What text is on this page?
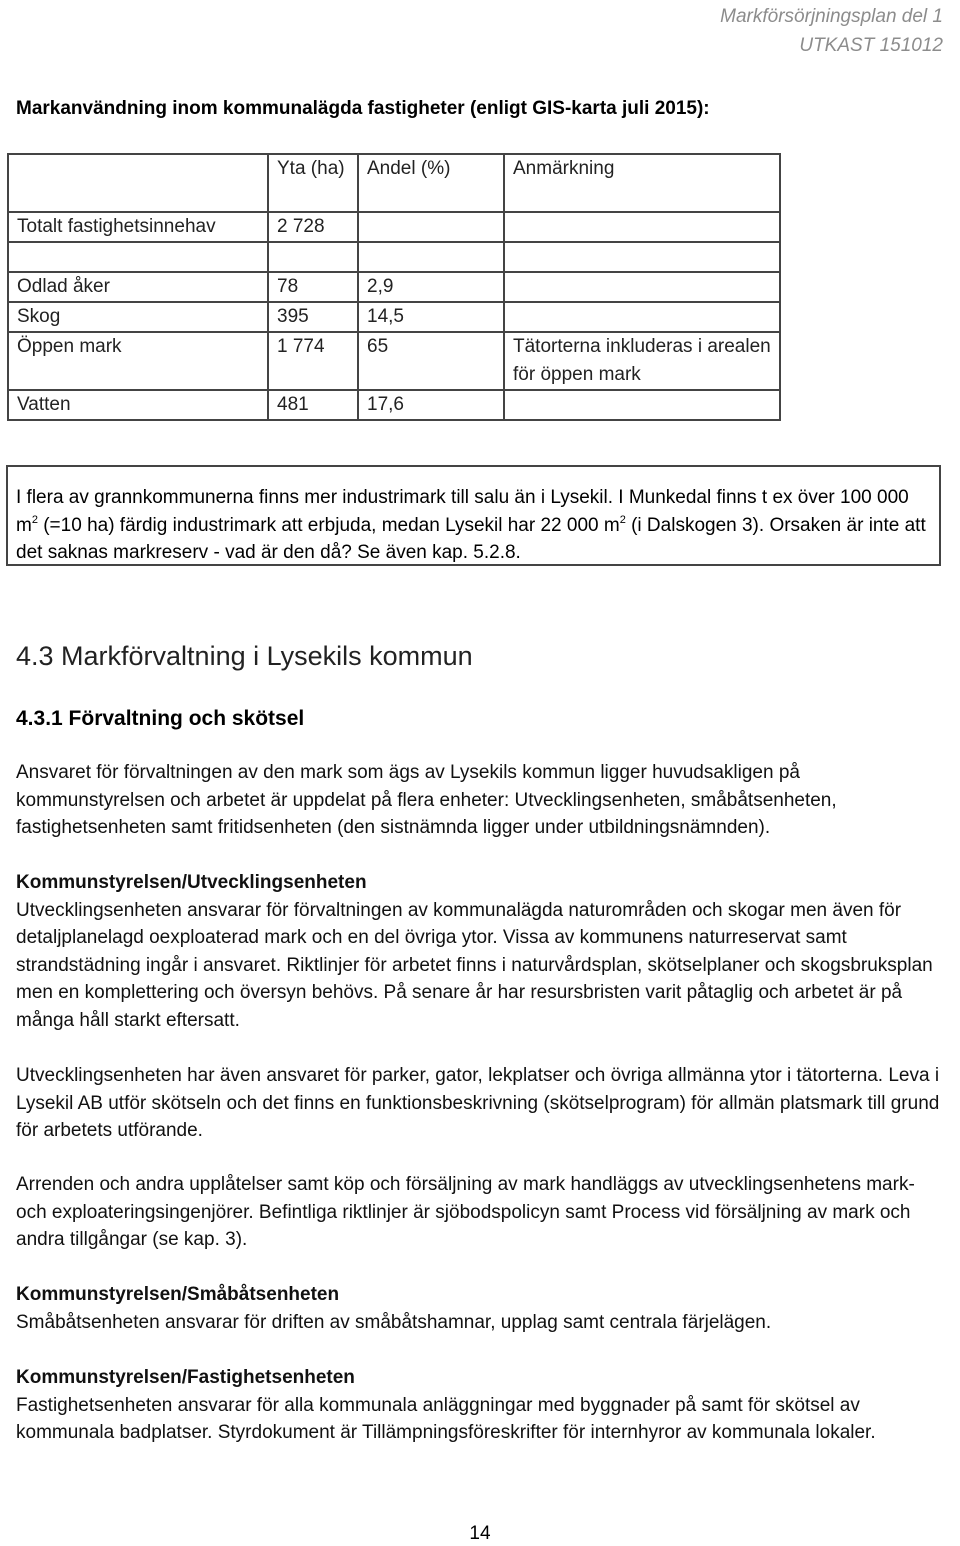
Markförsörjningsplan del 1
UTKAST 151012
Markanvändning inom kommunalägda fastigheter (enligt GIS-karta juli 2015):
	Yta (ha)	Andel (%)	Anmärkning
Totalt fastighetsinnehav	2 728		

Odlad åker	78	2,9	
Skog	395	14,5	
Öppen mark	1 774	65	Tätorterna inkluderas i arealen för öppen mark
Vatten	481	17,6	
I flera av grannkommunerna finns mer industrimark till salu än i Lysekil. I Munkedal finns t ex över 100 000 $m^2$ (=10 ha) färdig industrimark att erbjuda, medan Lysekil har 22 000 $m^2$ (i Dalskogen 3). Orsaken är inte att det saknas markreserv - vad är den då? Se även kap. 5.2.8.
4.3 Markförvaltning i Lysekils kommun
4.3.1 Förvaltning och skötsel
Ansvaret för förvaltningen av den mark som ägs av Lysekils kommun ligger huvudsakligen på kommunstyrelsen och arbetet är uppdelat på flera enheter: Utvecklingsenheten, småbåtsenheten, fastighetsenheten samt fritidsenheten (den sistnämnda ligger under utbildningsnämnden).
Kommunstyrelsen/Utvecklingsenheten
Utvecklingsenheten ansvarar för förvaltningen av kommunalägda naturområden och skogar men även för detaljplanelagd oexploaterad mark och en del övriga ytor. Vissa av kommunens naturreservat samt strandstädning ingår i ansvaret. Riktlinjer för arbetet finns i naturvårdsplan, skötselplaner och skogsbruksplan men en komplettering och översyn behövs. På senare år har resursbristen varit påtaglig och arbetet är på många håll starkt eftersatt.
Utvecklingsenheten har även ansvaret för parker, gator, lekplatser och övriga allmänna ytor i tätorterna. Leva i Lysekil AB utför skötseln och det finns en funktionsbeskrivning (skötselprogram) för allmän platsmark till grund för arbetets utförande.
Arrenden och andra upplåtelser samt köp och försäljning av mark handläggs av utvecklingsenhetens mark- och exploateringsingenjörer. Befintliga riktlinjer är sjöbodspolicyn samt Process vid försäljning av mark och andra tillgångar (se kap. 3).
Kommunstyrelsen/Småbåtsenheten
Småbåtsenheten ansvarar för driften av småbåtshamnar, upplag samt centrala färjelägen.
Kommunstyrelsen/Fastighetsenheten
Fastighetsenheten ansvarar för alla kommunala anläggningar med byggnader på samt för skötsel av kommunala badplatser. Styrdokument är Tillämpningsföreskrifter för internhyror av kommunala lokaler.
14
